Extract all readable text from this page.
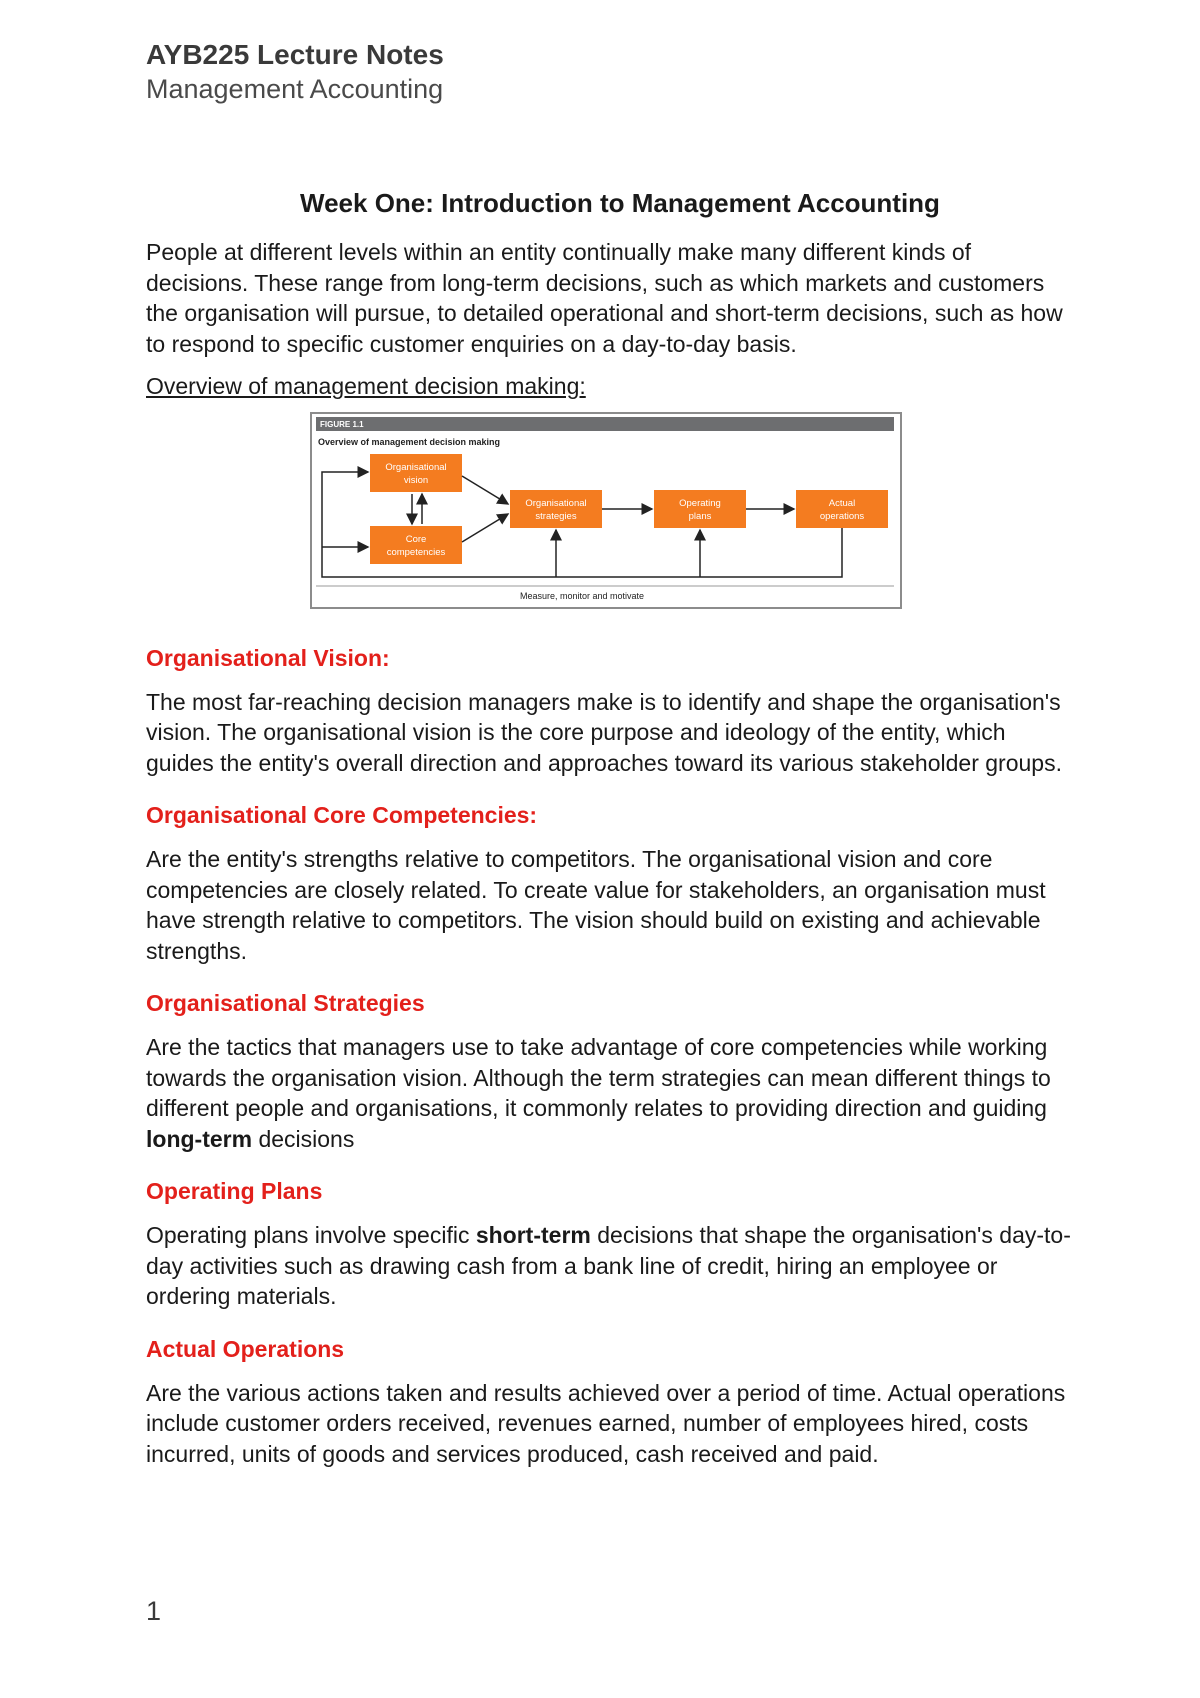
AYB225 Lecture Notes
Management Accounting
Week One: Introduction to Management Accounting

People at different levels within an entity continually make many different kinds of decisions. These range from long-term decisions, such as which markets and customers the organisation will pursue, to detailed operational and short-term decisions, such as how to respond to specific customer enquiries on a day-to-day basis.

Overview of management decision making:

FIGURE 1.1
Overview of management decision making
Organisational
vision
Core
competencies
Organisational
strategies
Operating
plans
Actual
operations
Measure, monitor and motivate
Organisational Vision:

The most far-reaching decision managers make is to identify and shape the organisation's vision. The organisational vision is the core purpose and ideology of the entity, which guides the entity's overall direction and approaches toward its various stakeholder groups.

Organisational Core Competencies:

Are the entity's strengths relative to competitors. The organisational vision and core competencies are closely related. To create value for stakeholders, an organisation must have strength relative to competitors. The vision should build on existing and achievable strengths.

Organisational Strategies

Are the tactics that managers use to take advantage of core competencies while working towards the organisation vision. Although the term strategies can mean different things to different people and organisations, it commonly relates to providing direction and guiding long-term decisions

Operating Plans

Operating plans involve specific short-term decisions that shape the organisation's day-to-day activities such as drawing cash from a bank line of credit, hiring an employee or ordering materials.

Actual Operations

Are the various actions taken and results achieved over a period of time. Actual operations include customer orders received, revenues earned, number of employees hired, costs incurred, units of goods and services produced, cash received and paid.

1
